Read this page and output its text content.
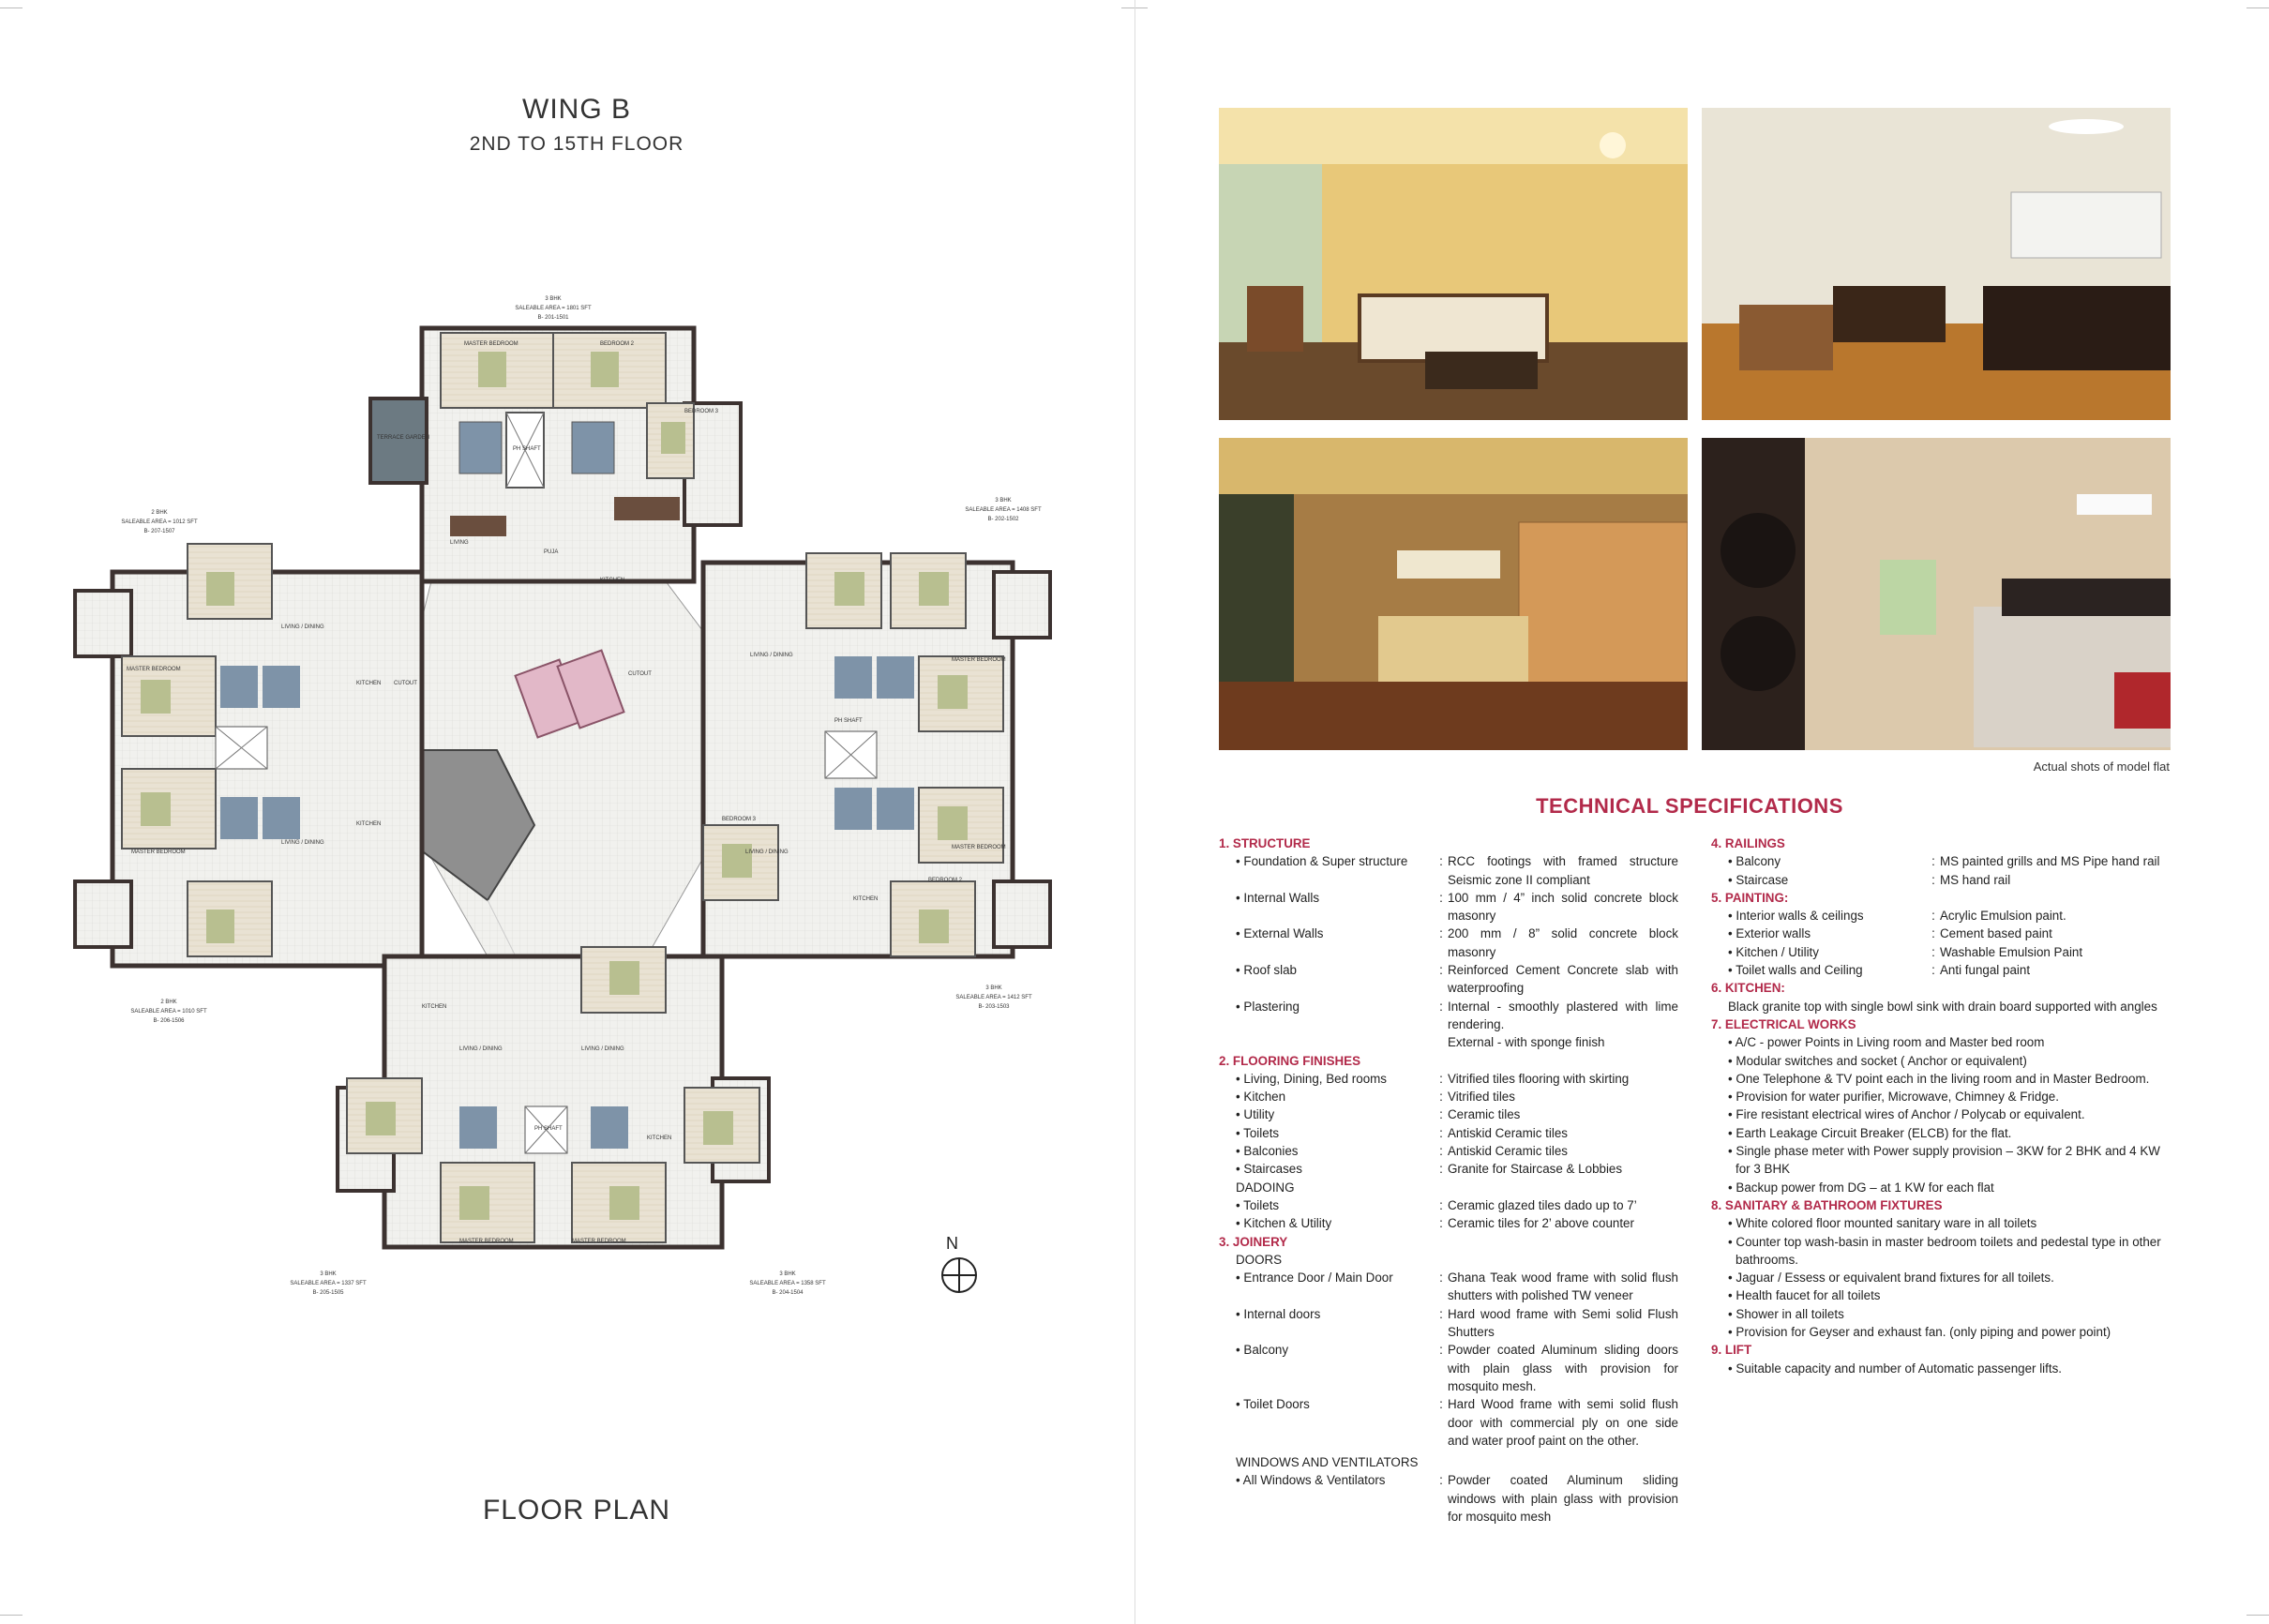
WING B
2ND TO 15TH FLOOR
3 BHK
SALEABLE AREA = 1801 SFT
B- 201-1501
MASTER BEDROOM	BEDROOM 2
BEDROOM 3
TERRACE GARDEN
PH SHAFT
LIVING
KITCHEN
PUJA
2 BHK
SALEABLE AREA = 1012 SFT
B- 207-1507
2 BHK
SALEABLE AREA = 1010 SFT
B- 206-1506
MASTER BEDROOM
MASTER BEDROOM
LIVING / DINING
LIVING / DINING
KITCHEN
KITCHEN
CUTOUT
3 BHK
SALEABLE AREA = 1408 SFT
B- 202-1502
3 BHK
SALEABLE AREA = 1412 SFT
B- 203-1503
MASTER BEDROOM
MASTER BEDROOM
LIVING / DINING
LIVING / DINING
PH SHAFT
KITCHEN
BEDROOM 3
BEDROOM 2
CUTOUT
3 BHK
SALEABLE AREA = 1337 SFT
B- 205-1505
3 BHK
SALEABLE AREA = 1358 SFT
B- 204-1504
LIVING / DINING	LIVING / DINING
PH SHAFT
MASTER BEDROOM	MASTER BEDROOM
KITCHEN
KITCHEN
N
FLOOR PLAN
Actual shots of model flat
TECHNICAL SPECIFICATIONS
1. STRUCTURE
• Foundation & Super structure	: RCC footings with framed structure Seismic zone II compliant
• Internal Walls	: 100 mm / 4” inch solid concrete block masonry
• External Walls	: 200 mm / 8” solid concrete block masonry
• Roof slab	: Reinforced Cement Concrete slab with waterproofing
• Plastering	: Internal - smoothly plastered with lime rendering.
External - with sponge finish
2. FLOORING FINISHES
• Living, Dining, Bed rooms	: Vitrified tiles flooring with skirting
• Kitchen	: Vitrified tiles
• Utility	: Ceramic tiles
• Toilets	: Antiskid Ceramic tiles
• Balconies	: Antiskid Ceramic tiles
• Staircases	: Granite for Staircase & Lobbies
DADOING
• Toilets	: Ceramic glazed tiles dado up to 7’
• Kitchen & Utility	: Ceramic tiles for 2’ above counter
3. JOINERY
DOORS
• Entrance Door / Main Door	: Ghana Teak wood frame with solid flush shutters with polished TW veneer
• Internal doors	: Hard wood frame with Semi solid Flush Shutters
• Balcony	: Powder coated Aluminum sliding doors with plain glass with provision for mosquito mesh.
• Toilet Doors	: Hard Wood frame with semi solid flush door with commercial ply on one side and water proof paint on the other.
WINDOWS AND VENTILATORS
• All Windows & Ventilators	: Powder coated Aluminum sliding windows with plain glass with provision for mosquito mesh
4. RAILINGS
• Balcony	: MS painted grills and MS Pipe hand rail
• Staircase	: MS hand rail
5. PAINTING:
• Interior walls & ceilings	: Acrylic Emulsion paint.
• Exterior walls	: Cement based paint
• Kitchen / Utility	: Washable Emulsion Paint
• Toilet walls and Ceiling	: Anti fungal paint
6. KITCHEN:
Black granite top with single bowl sink with drain board supported with angles
7. ELECTRICAL WORKS
• A/C - power Points in Living room and Master bed room
• Modular switches and socket ( Anchor or equivalent)
• One Telephone & TV point each in the living room and in Master Bedroom.
• Provision for water purifier, Microwave, Chimney & Fridge.
• Fire resistant electrical wires of Anchor / Polycab or equivalent.
• Earth Leakage Circuit Breaker (ELCB) for the flat.
• Single phase meter with Power supply provision – 3KW for 2 BHK and 4 KW for 3 BHK
• Backup power from DG – at 1 KW for each flat
8. SANITARY & BATHROOM FIXTURES
• White colored floor mounted sanitary ware in all toilets
• Counter top wash-basin in master bedroom toilets and pedestal type in other bathrooms.
• Jaguar / Essess or equivalent brand fixtures for all toilets.
• Health faucet for all toilets
• Shower in all toilets
• Provision for Geyser and exhaust fan. (only piping and power point)
9. LIFT
• Suitable capacity and number of Automatic passenger lifts.
